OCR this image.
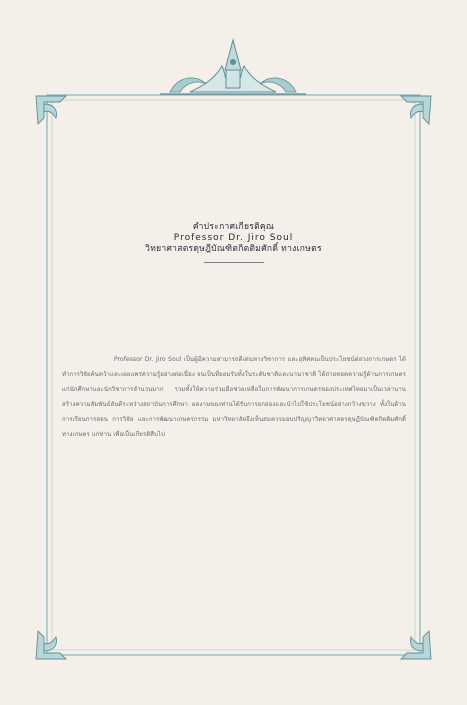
คำประกาศเกียรติคุณ
Professor Dr. Jiro Soul
วิทยาศาสตรดุษฎีบัณฑิตกิตติมศักดิ์ ทางเกษตร
Professor Dr. Jiro Soul เป็นผู้มีความสามารถดีเด่นทางวิชาการ และอุทิศตนเป็นประโยชน์ต่อวงการเกษตร ได้ทำการวิจัยค้นคว้าและเผยแพร่ความรู้อย่างต่อเนื่อง จนเป็นที่ยอมรับทั้งในระดับชาติและนานาชาติ ได้ถ่ายทอดความรู้ด้านการเกษตรแก่นักศึกษาและนักวิชาการจำนวนมาก รวมทั้งให้ความร่วมมือช่วยเหลือในการพัฒนาการเกษตรของประเทศไทยมาเป็นเวลานาน สร้างความสัมพันธ์อันดีระหว่างสถาบันการศึกษา ผลงานของท่านได้รับการยกย่องและนำไปใช้ประโยชน์อย่างกว้างขวาง ทั้งในด้านการเรียนการสอน การวิจัย และการพัฒนาเกษตรกรรม มหาวิทยาลัยจึงเห็นสมควรมอบปริญญาวิทยาศาสตรดุษฎีบัณฑิตกิตติมศักดิ์ ทางเกษตร แก่ท่าน เพื่อเป็นเกียรติสืบไป
